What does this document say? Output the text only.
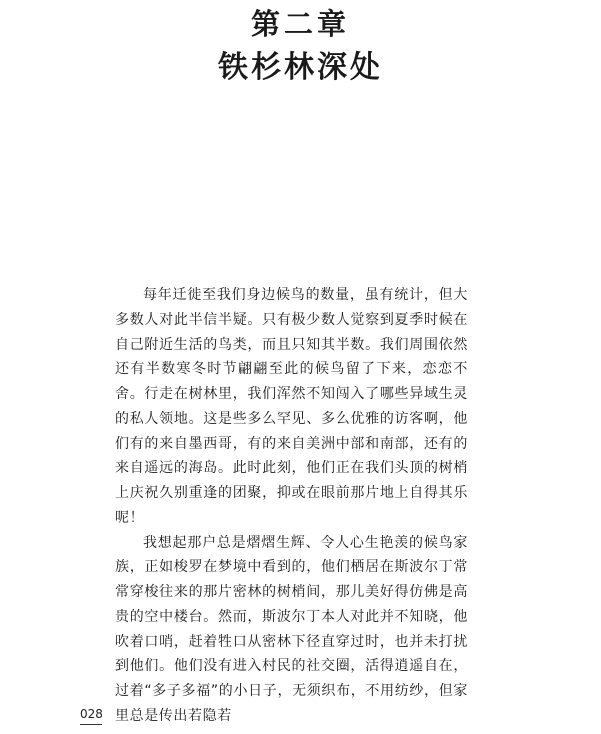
第二章
铁杉林深处

每年迁徙至我们身边候鸟的数量，虽有统计，但大多数人对此半信半疑。只有极少数人觉察到夏季时候在自己附近生活的鸟类，而且只知其半数。我们周围依然还有半数寒冬时节翩翩至此的候鸟留了下来，恋恋不舍。行走在树林里，我们浑然不知闯入了哪些异域生灵的私人领地。这是些多么罕见、多么优雅的访客啊，他们有的来自墨西哥，有的来自美洲中部和南部，还有的来自遥远的海岛。此时此刻，他们正在我们头顶的树梢上庆祝久别重逢的团聚，抑或在眼前那片地上自得其乐呢！

我想起那户总是熠熠生辉、令人心生艳羡的候鸟家族，正如梭罗在梦境中看到的，他们栖居在斯波尔丁常常穿梭往来的那片密林的树梢间，那儿美好得仿佛是高贵的空中楼台。然而，斯波尔丁本人对此并不知晓，他吹着口哨，赶着牲口从密林下径直穿过时，也并未打扰到他们。他们没有进入村民的社交圈，活得逍遥自在，过着“多子多福”的小日子，无须织布，不用纺纱，但家里总是传出若隐若

028
